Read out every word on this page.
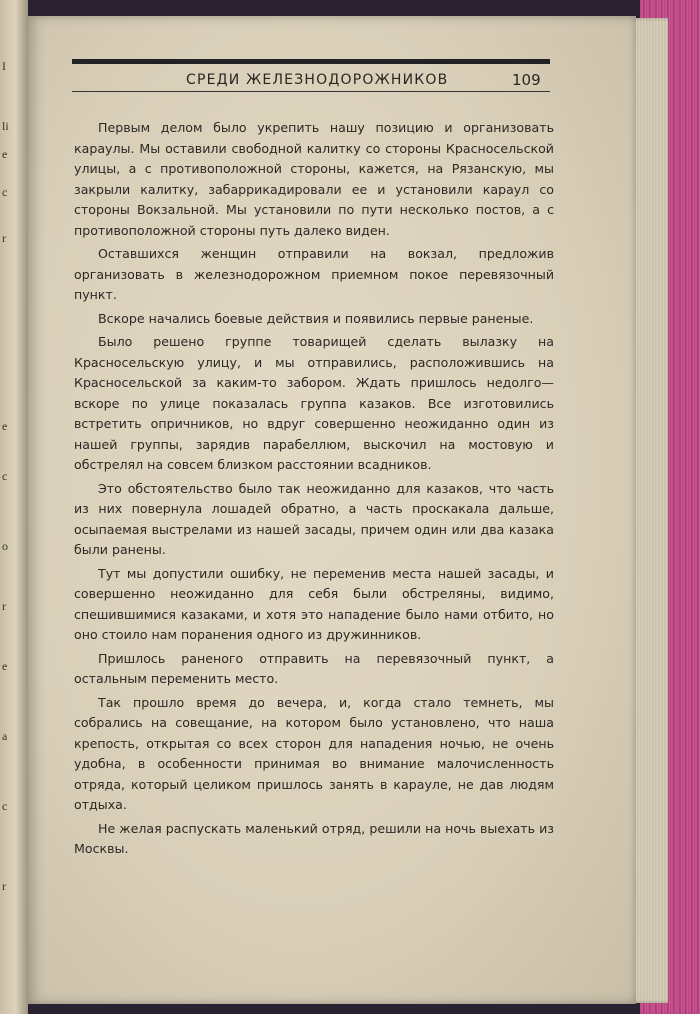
I
li
e
c
r
e
c
o
r
e
a
c
r
СРЕДИ ЖЕЛЕЗНОДОРОЖНИКОВ	109

Первым делом было укрепить нашу позицию и организовать караулы. Мы оставили свободной калитку со стороны Красносельской улицы, а с противоположной стороны, кажется, на Рязанскую, мы закрыли калитку, забаррикадировали ее и установили караул со стороны Вокзальной. Мы установили по пути несколько постов, а с противоположной стороны путь далеко виден.

Оставшихся женщин отправили на вокзал, предложив организовать в железнодорожном приемном покое перевязочный пункт.

Вскоре начались боевые действия и появились первые раненые.

Было решено группе товарищей сделать вылазку на Красносельскую улицу, и мы отправились, расположившись на Красносельской за каким-то забором. Ждать пришлось недолго—вскоре по улице показалась группа казаков. Все изготовились встретить опричников, но вдруг совершенно неожиданно один из нашей группы, зарядив парабеллюм, выскочил на мостовую и обстрелял на совсем близком расстоянии всадников.

Это обстоятельство было так неожиданно для казаков, что часть из них повернула лошадей обратно, а часть проскакала дальше, осыпаемая выстрелами из нашей засады, причем один или два казака были ранены.

Тут мы допустили ошибку, не переменив места нашей засады, и совершенно неожиданно для себя были обстреляны, видимо, спешившимися казаками, и хотя это нападение было нами отбито, но оно стоило нам поранения одного из дружинников.

Пришлось раненого отправить на перевязочный пункт, а остальным переменить место.

Так прошло время до вечера, и, когда стало темнеть, мы собрались на совещание, на котором было установлено, что наша крепость, открытая со всех сторон для нападения ночью, не очень удобна, в особенности принимая во внимание малочисленность отряда, который целиком пришлось занять в карауле, не дав людям отдыха.

Не желая распускать маленький отряд, решили на ночь выехать из Москвы.
